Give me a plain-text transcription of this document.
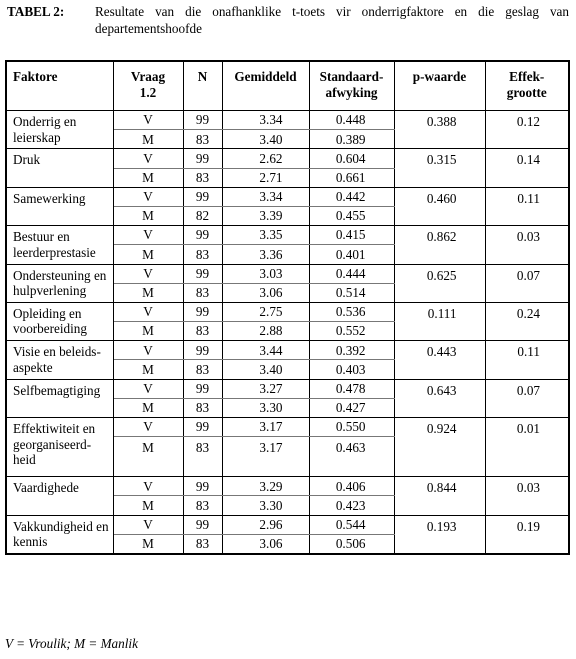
TABEL 2: Resultate van die onafhanklike t-toets vir onderrigfaktore en die geslag van departementshoofde
Faktore	Vraag 1.2	N	Gemiddeld	Standaard-afwyking	p-waarde	Effek-grootte
Onderrig en leierskap	V	99	3.34	0.448	0.388	0.12
	M	83	3.40	0.389		
Druk	V	99	2.62	0.604	0.315	0.14
	M	83	2.71	0.661		
Samewerking	V	99	3.34	0.442	0.460	0.11
	M	82	3.39	0.455		
Bestuur en leerderprestasie	V	99	3.35	0.415	0.862	0.03
	M	83	3.36	0.401		
Ondersteuning en hulpverlening	V	99	3.03	0.444	0.625	0.07
	M	83	3.06	0.514		
Opleiding en voorbereiding	V	99	2.75	0.536	0.111	0.24
	M	83	2.88	0.552		
Visie en beleids-aspekte	V	99	3.44	0.392	0.443	0.11
	M	83	3.40	0.403		
Selfbemagtiging	V	99	3.27	0.478	0.643	0.07
	M	83	3.30	0.427		
Effektiwiteit en georganiseerd-heid	V	99	3.17	0.550	0.924	0.01
	M	83	3.17	0.463		
Vaardighede	V	99	3.29	0.406	0.844	0.03
	M	83	3.30	0.423		
Vakkundigheid en kennis	V	99	2.96	0.544	0.193	0.19
	M	83	3.06	0.506		
V = Vroulik; M = Manlik
